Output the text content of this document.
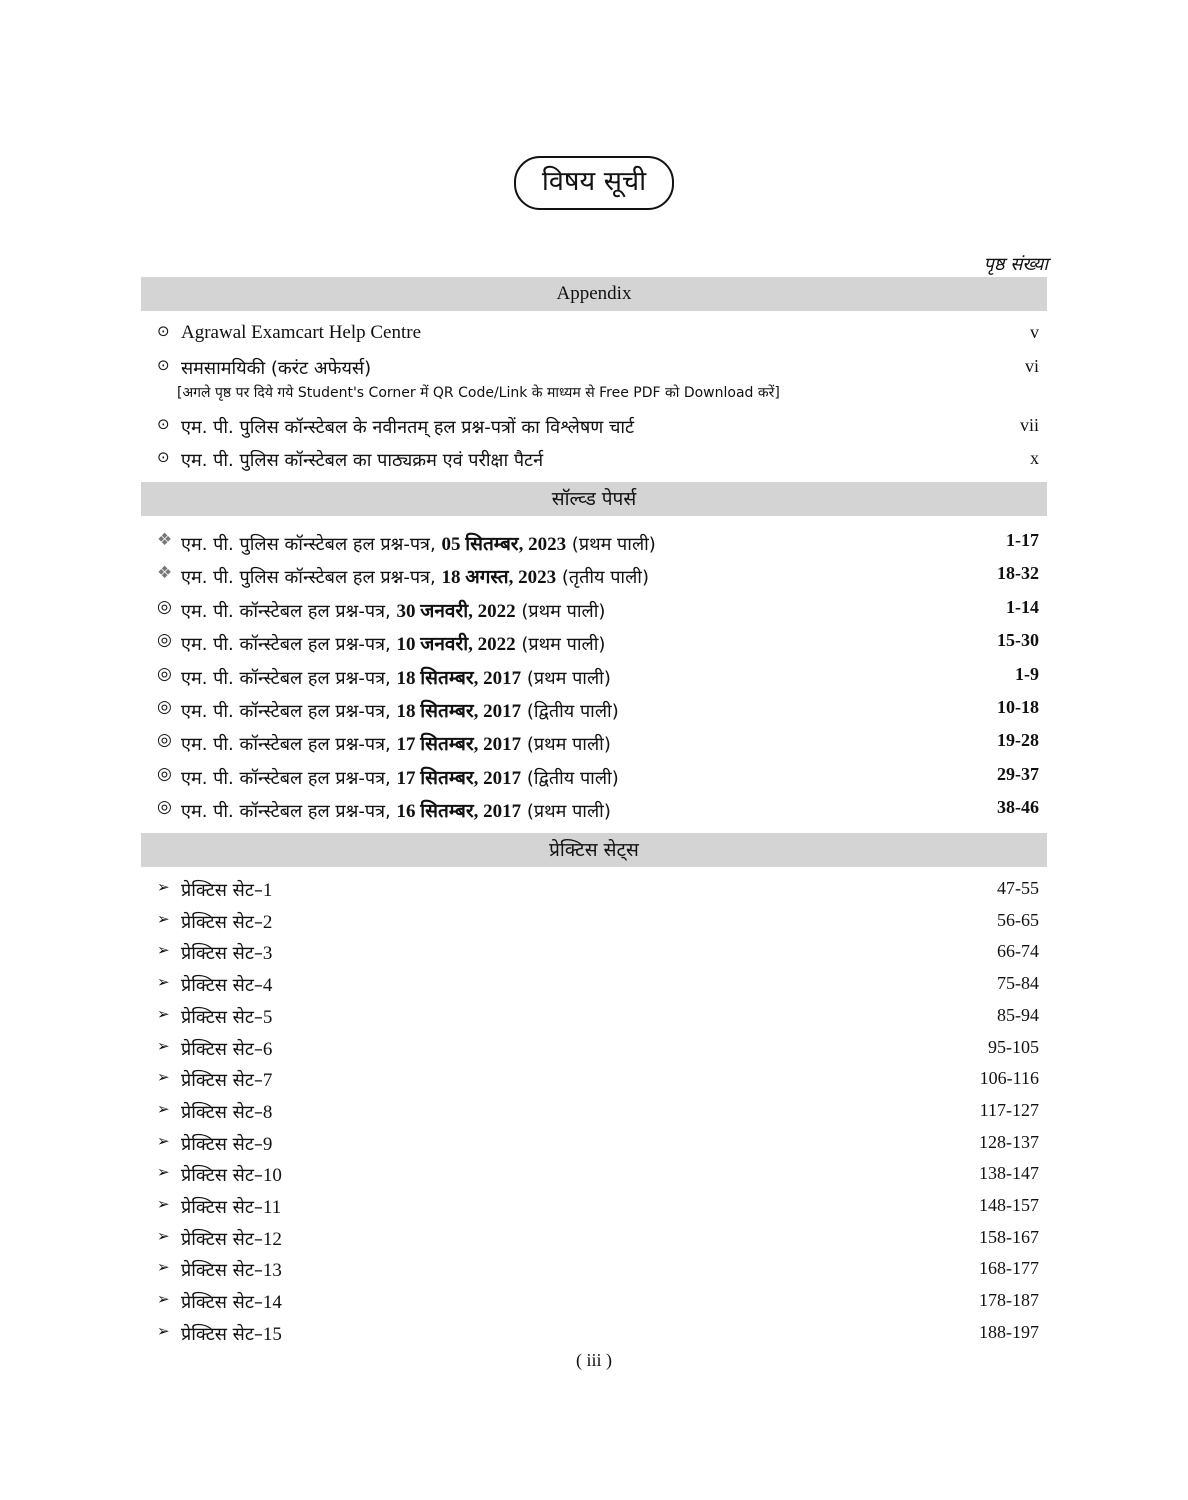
विषय सूची
पृष्ठ संख्या
Appendix
⊙ Agrawal Examcart Help Centre	v
⊙ समसामयिकी (करंट अफेयर्स)	vi
[अगले पृष्ठ पर दिये गये Student's Corner में QR Code/Link के माध्यम से Free PDF को Download करें]
⊙ एम. पी. पुलिस कॉन्स्टेबल के नवीनतम् हल प्रश्न-पत्रों का विश्लेषण चार्ट	vii
⊙ एम. पी. पुलिस कॉन्स्टेबल का पाठ्यक्रम एवं परीक्षा पैटर्न	x
सॉल्व्ड पेपर्स
❖ एम. पी. पुलिस कॉन्स्टेबल हल प्रश्न-पत्र, 05 सितम्बर, 2023 (प्रथम पाली)	1-17
❖ एम. पी. पुलिस कॉन्स्टेबल हल प्रश्न-पत्र, 18 अगस्त, 2023 (तृतीय पाली)	18-32
◎ एम. पी. कॉन्स्टेबल हल प्रश्न-पत्र, 30 जनवरी, 2022 (प्रथम पाली)	1-14
◎ एम. पी. कॉन्स्टेबल हल प्रश्न-पत्र, 10 जनवरी, 2022 (प्रथम पाली)	15-30
◎ एम. पी. कॉन्स्टेबल हल प्रश्न-पत्र, 18 सितम्बर, 2017 (प्रथम पाली)	1-9
◎ एम. पी. कॉन्स्टेबल हल प्रश्न-पत्र, 18 सितम्बर, 2017 (द्वितीय पाली)	10-18
◎ एम. पी. कॉन्स्टेबल हल प्रश्न-पत्र, 17 सितम्बर, 2017 (प्रथम पाली)	19-28
◎ एम. पी. कॉन्स्टेबल हल प्रश्न-पत्र, 17 सितम्बर, 2017 (द्वितीय पाली)	29-37
◎ एम. पी. कॉन्स्टेबल हल प्रश्न-पत्र, 16 सितम्बर, 2017 (प्रथम पाली)	38-46
प्रेक्टिस सेट्स
➢ प्रेक्टिस सेट–1	47-55
➢ प्रेक्टिस सेट–2	56-65
➢ प्रेक्टिस सेट–3	66-74
➢ प्रेक्टिस सेट–4	75-84
➢ प्रेक्टिस सेट–5	85-94
➢ प्रेक्टिस सेट–6	95-105
➢ प्रेक्टिस सेट–7	106-116
➢ प्रेक्टिस सेट–8	117-127
➢ प्रेक्टिस सेट–9	128-137
➢ प्रेक्टिस सेट–10	138-147
➢ प्रेक्टिस सेट–11	148-157
➢ प्रेक्टिस सेट–12	158-167
➢ प्रेक्टिस सेट–13	168-177
➢ प्रेक्टिस सेट–14	178-187
➢ प्रेक्टिस सेट–15	188-197
( iii )
